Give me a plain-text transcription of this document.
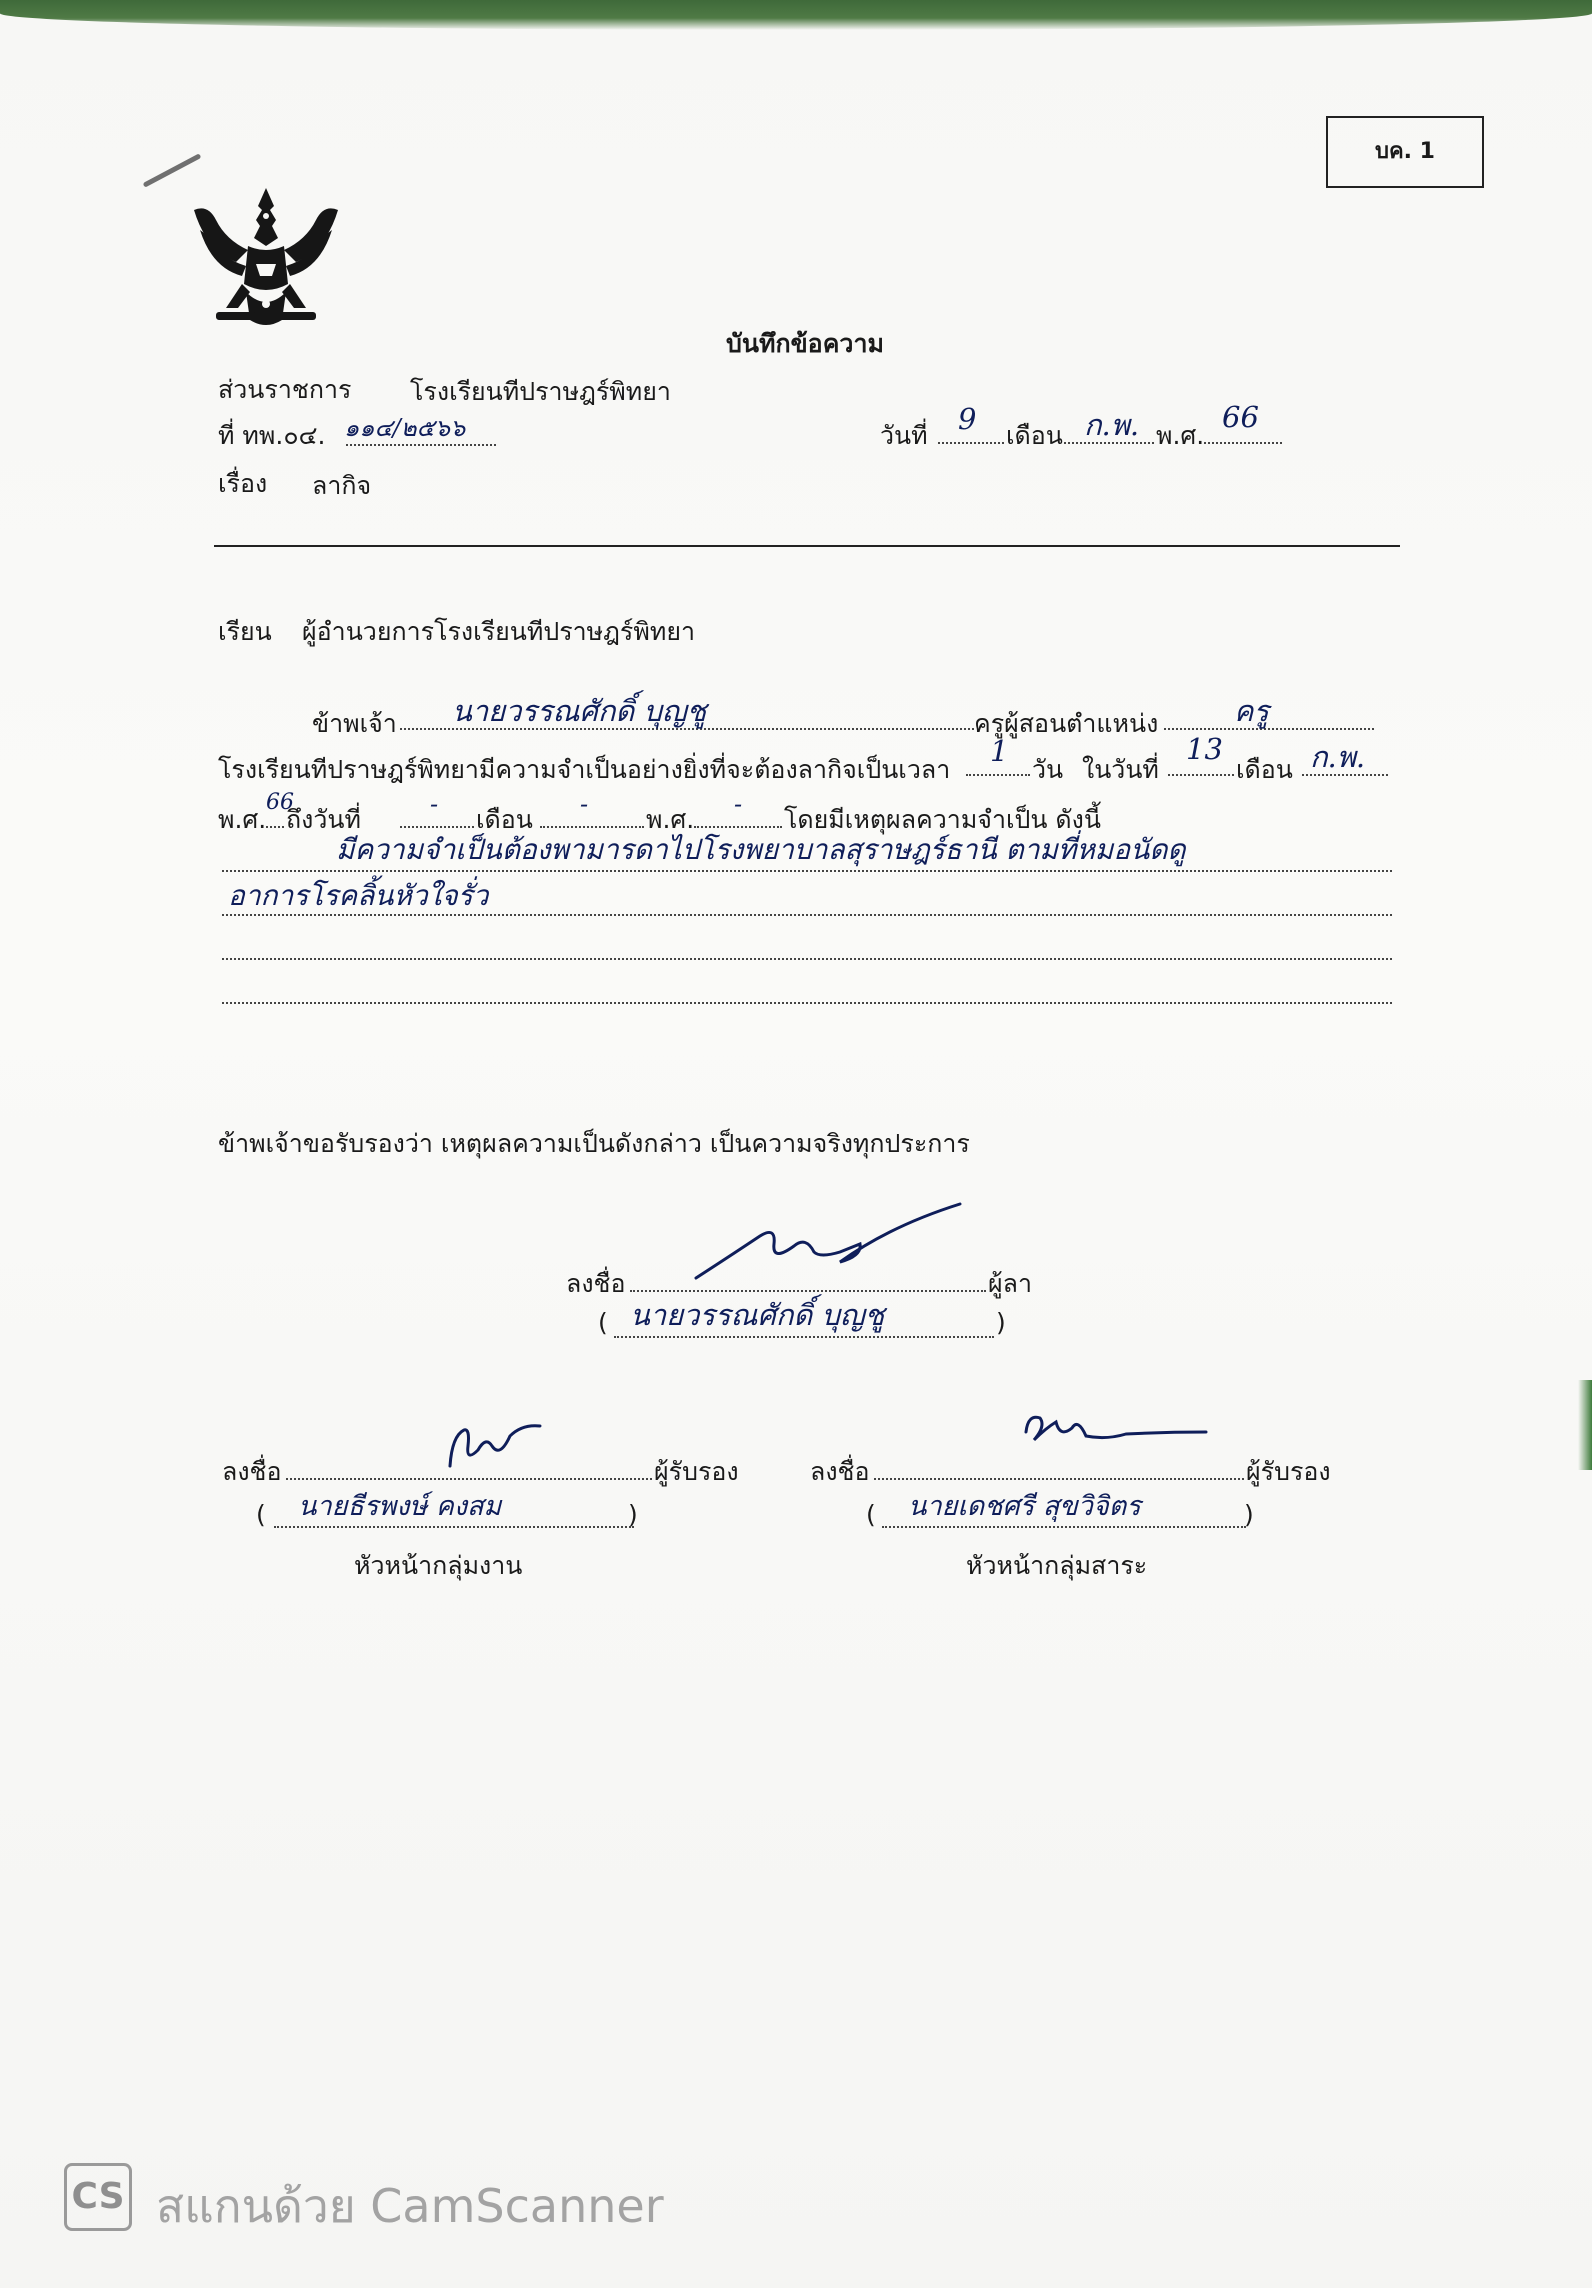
บค. 1
บันทึกข้อความ
ส่วนราชการ โรงเรียนทีปราษฎร์พิทยา
ที่ ทพ.๐๔. ๑๑๔/๒๕๖๖	วันที่ 9 เดือน ก.พ. พ.ศ.
66
เรื่อง ลากิจ
เรียน ผู้อำนวยการโรงเรียนทีปราษฎร์พิทยา
ข้าพเจ้า นายวรรณศักดิ์ บุญชู	ครูผู้สอนตำแหน่ง	ครู
โรงเรียนทีปราษฎร์พิทยามีความจำเป็นอย่างยิ่งที่จะต้องลากิจเป็นเวลา
1
วัน ในวันที่
13
เดือน ก.พ.
พ.ศ.
66
ถึงวันที่
-
เดือน
-
พ.ศ.
-
โดยมีเหตุผลความจำเป็น ดังนี้
มีความจำเป็นต้องพามารดาไปโรงพยาบาลสุราษฎร์ธานี ตามที่หมอนัดดู
อาการโรคลิ้นหัวใจรั่ว
ข้าพเจ้าขอรับรองว่า เหตุผลความเป็นดังกล่าว เป็นความจริงทุกประการ
ลงชื่อ	ผู้ลา
( นายวรรณศักดิ์ บุญชู	)
ลงชื่อ	ผู้รับรอง
( นายธีรพงษ์ คงสม	)
หัวหน้ากลุ่มงาน
ลงชื่อ	ผู้รับรอง
( นายเดชศรี สุขวิจิตร	)
หัวหน้ากลุ่มสาระ
CS สแกนด้วย CamScanner
